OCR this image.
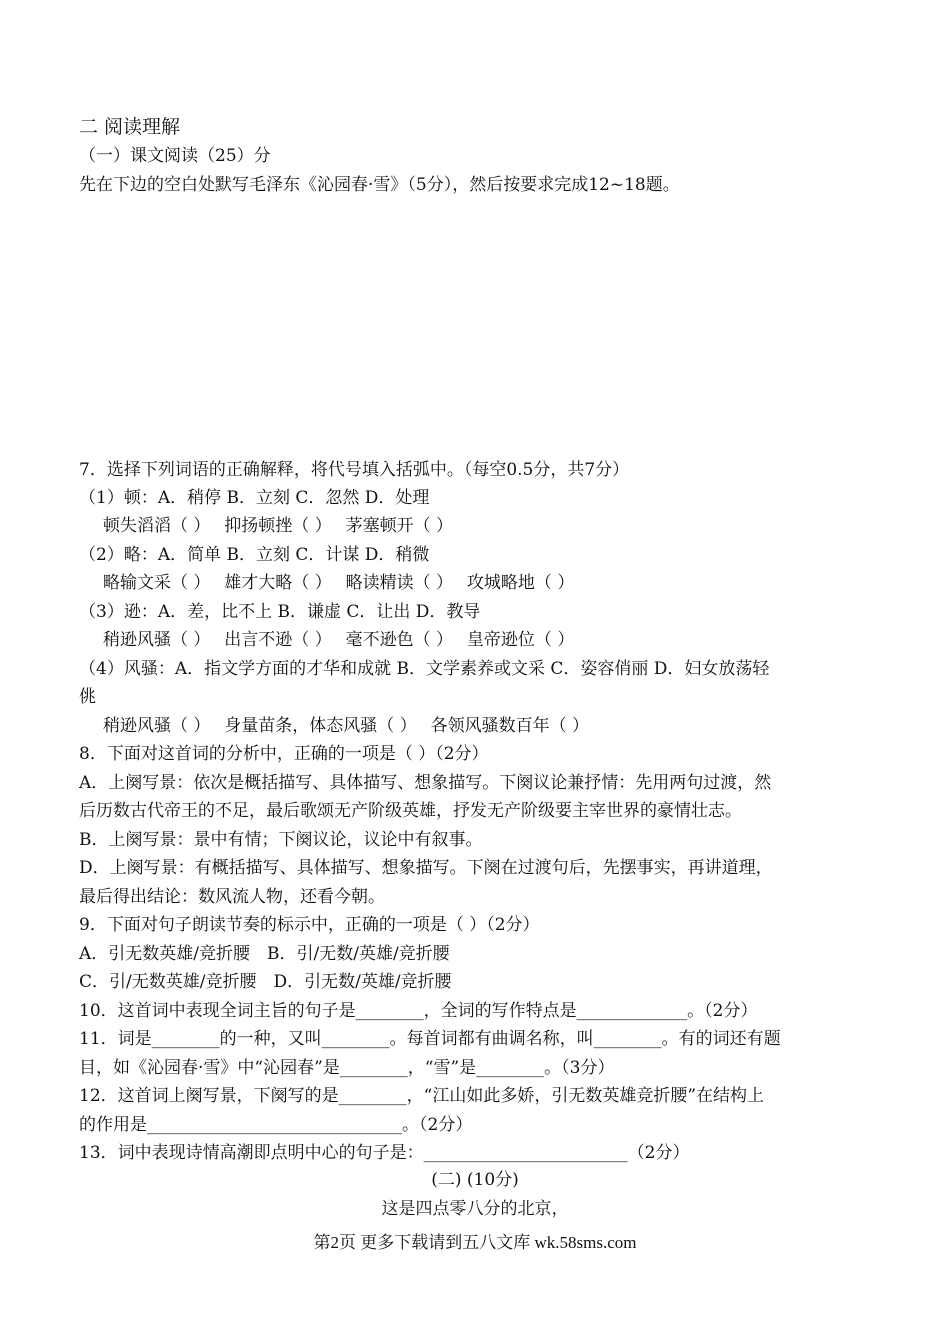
二 阅读理解
（一）课文阅读（25）分
先在下边的空白处默写毛泽东《沁园春·雪》（5分），然后按要求完成12~18题。
7．选择下列词语的正确解释，将代号填入括弧中。（每空0.5分，共7分）
（1）顿：A．稍停 B．立刻 C．忽然 D．处理
顿失滔滔（ ）　 抑扬顿挫（ ）　 茅塞顿开（ ）
（2）略：A．简单 B．立刻 C．计谋 D．稍微
略输文采（ ）　 雄才大略（ ）　 略读精读（ ）　 攻城略地（ ）
（3）逊：A．差，比不上 B．谦虚 C．让出 D．教导
稍逊风骚（ ）　 出言不逊（ ）　 毫不逊色（ ）　 皇帝逊位（ ）
（4）风骚：A．指文学方面的才华和成就 B．文学素养或文采 C．姿容俏丽 D．妇女放荡轻
佻
稍逊风骚（ ）　 身量苗条，体态风骚（ ）　 各领风骚数百年（ ）
8．下面对这首词的分析中，正确的一项是（ ）（2分）
A．上阕写景：依次是概括描写、具体描写、想象描写。下阕议论兼抒情：先用两句过渡，然
后历数古代帝王的不足，最后歌颂无产阶级英雄，抒发无产阶级要主宰世界的豪情壮志。
B．上阕写景：景中有情；下阕议论，议论中有叙事。
D．上阕写景：有概括描写、具体描写、想象描写。下阕在过渡句后，先摆事实，再讲道理，
最后得出结论：数风流人物，还看今朝。
9．下面对句子朗读节奏的标示中，正确的一项是（ ）（2分）
A．引无数英雄/竞折腰　B．引/无数/英雄/竞折腰
C．引/无数英雄/竞折腰　D．引无数/英雄/竞折腰
10．这首词中表现全词主旨的句子是________，全词的写作特点是_____________。（2分）
11．词是________的一种，又叫________。每首词都有曲调名称，叫________。有的词还有题
目，如《沁园春·雪》中“沁园春”是________，“雪”是________。（3分）
12．这首词上阕写景，下阕写的是________，“江山如此多娇，引无数英雄竞折腰”在结构上
的作用是______________________________。（2分）
13．词中表现诗情高潮即点明中心的句子是：________________________（2分）
(二) (10分)
这是四点零八分的北京，
第2页 更多下载请到五八文库 wk.58sms.com
